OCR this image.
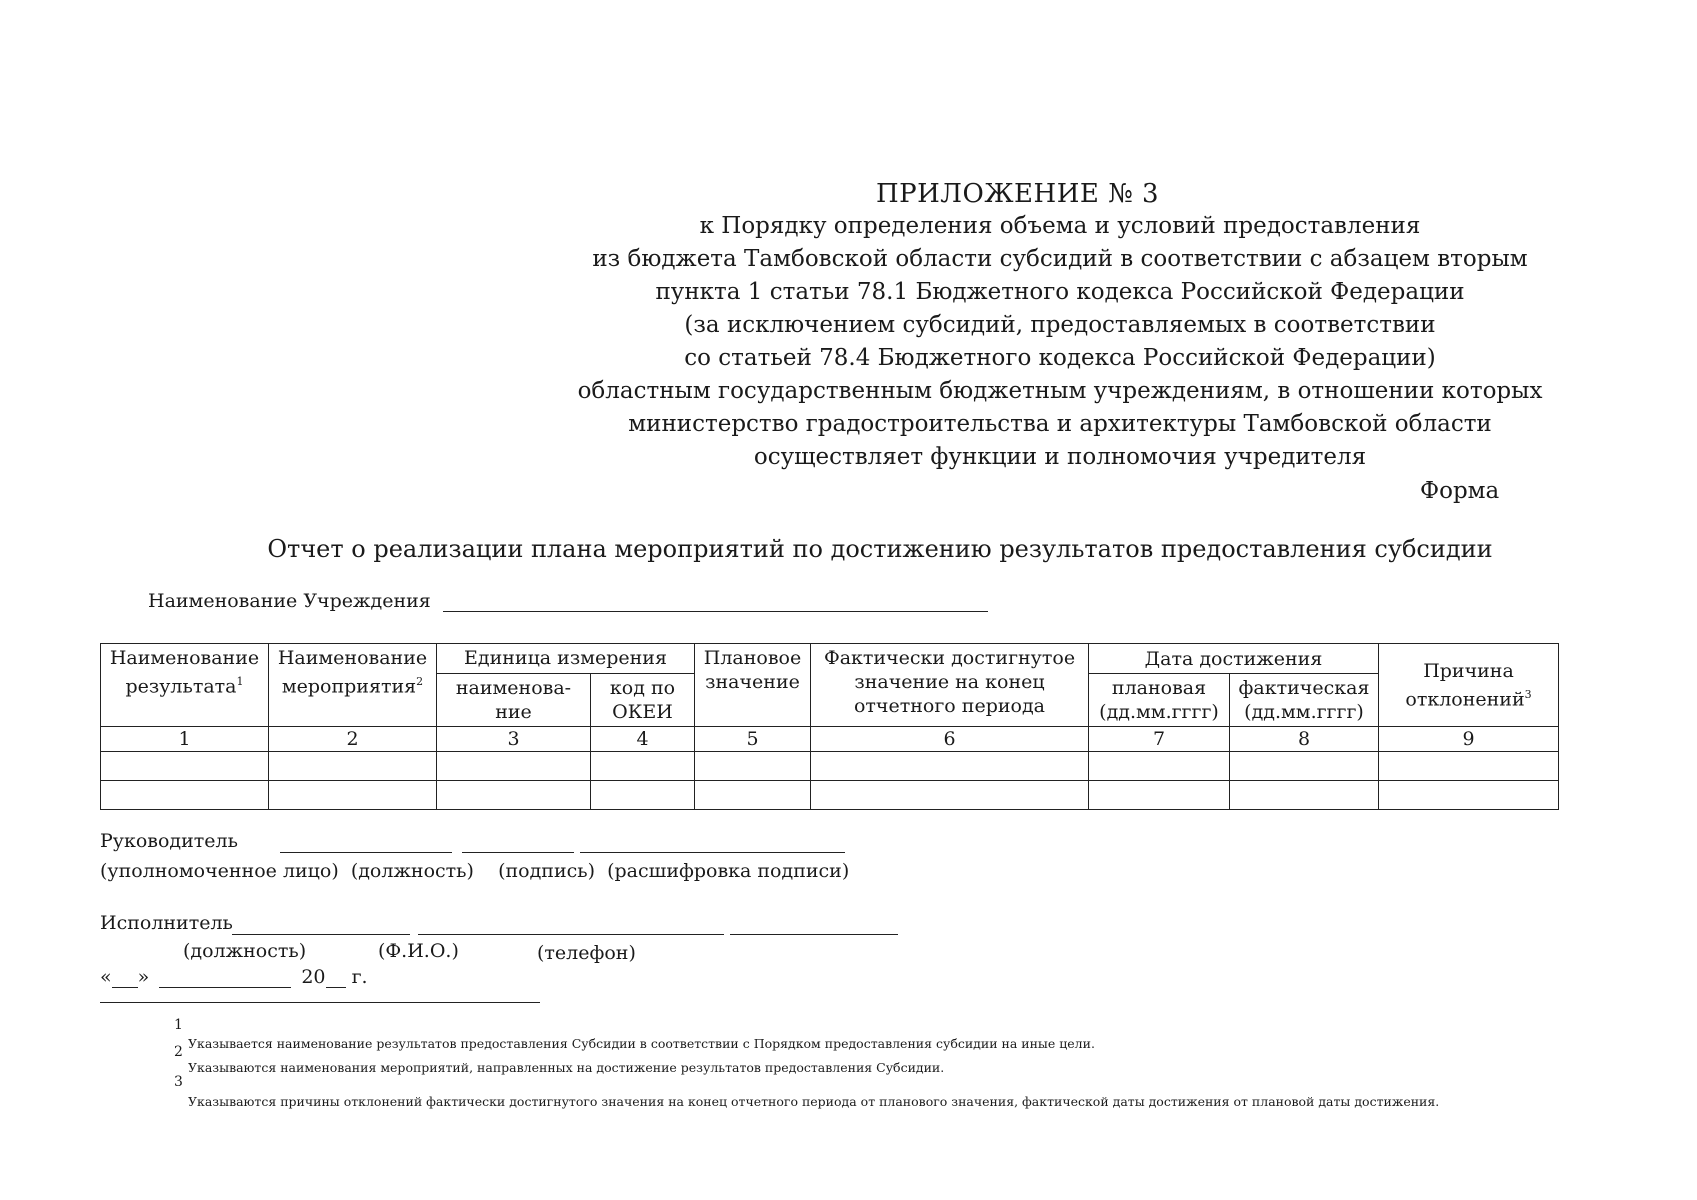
ПРИЛОЖЕНИЕ № 3
к Порядку определения объема и условий предоставления
из бюджета Тамбовской области субсидий в соответствии с абзацем вторым
пункта 1 статьи 78.1 Бюджетного кодекса Российской Федерации
(за исключением субсидий, предоставляемых в соответствии
со статьей 78.4 Бюджетного кодекса Российской Федерации)
областным государственным бюджетным учреждениям, в отношении которых
министерство градостроительства и архитектуры Тамбовской области
осуществляет функции и полномочия учредителя
Форма
Отчет о реализации плана мероприятий по достижению результатов предоставления субсидии
Наименование Учреждения
Наименование результата$^1$	Наименование мероприятия$^2$	Единица измерения		Плановое значение	Фактически достигнутое значение на конец отчетного периода	Дата достижения		Причина отклонений$^3$
		наименова-ние	код по ОКЕИ			плановая (дд.мм.гггг)	фактическая (дд.мм.гггг)	
1	2	3	4	5	6	7	8	9

Руководитель
(уполномоченное лицо)  (должность)    (подпись)  (расшифровка подписи)
Исполнитель
(должность)	(Ф.И.О.)	(телефон)
« »	20 г.
1
Указывается наименование результатов предоставления Субсидии в соответствии с Порядком предоставления субсидии на иные цели.
2
Указываются наименования мероприятий, направленных на достижение результатов предоставления Субсидии.
3
Указываются причины отклонений фактически достигнутого значения на конец отчетного периода от планового значения, фактической даты достижения от плановой даты достижения.
